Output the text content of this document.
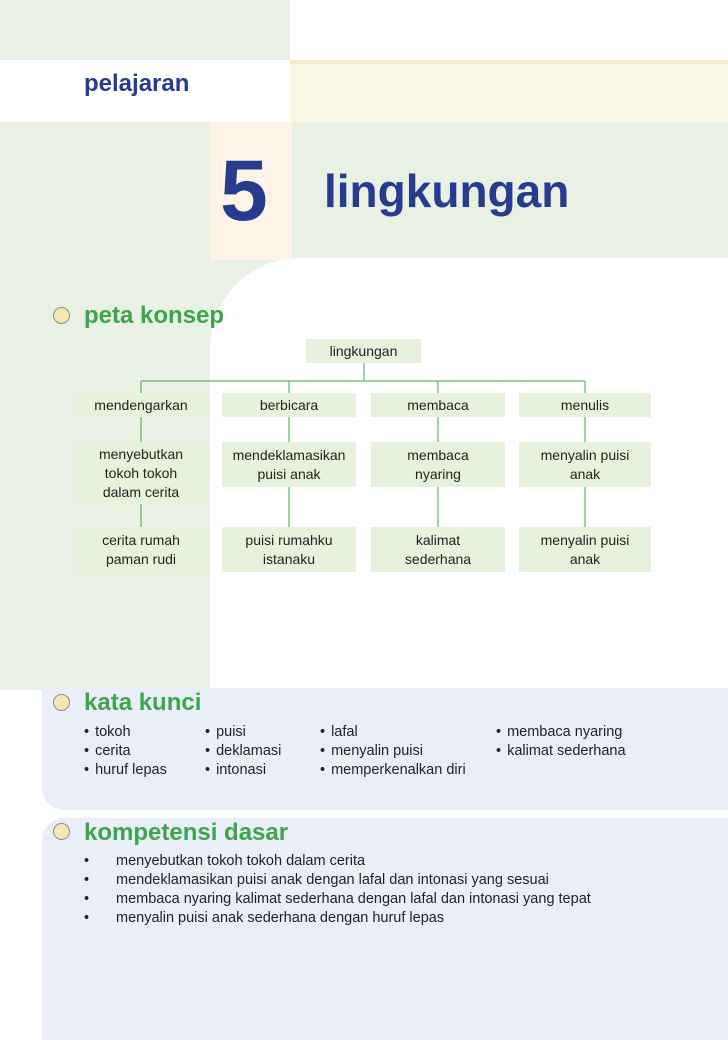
pelajaran
5 lingkungan
peta konsep
lingkungan
mendengarkan	berbicara	membaca	menulis
menyebutkan
tokoh tokoh
dalam cerita
mendeklamasikan
puisi anak
membaca
nyaring
menyalin puisi
anak
cerita rumah
paman rudi
puisi rumahku
istanaku
kalimat
sederhana
menyalin puisi
anak
kata kunci
• tokoh
• cerita
• huruf lepas
• puisi
• deklamasi
• intonasi
• lafal
• menyalin puisi
• memperkenalkan diri
• membaca nyaring
• kalimat sederhana
kompetensi dasar
• menyebutkan tokoh tokoh dalam cerita
• mendeklamasikan puisi anak dengan lafal dan intonasi yang sesuai
• membaca nyaring kalimat sederhana dengan lafal dan intonasi yang tepat
• menyalin puisi anak sederhana dengan huruf lepas
